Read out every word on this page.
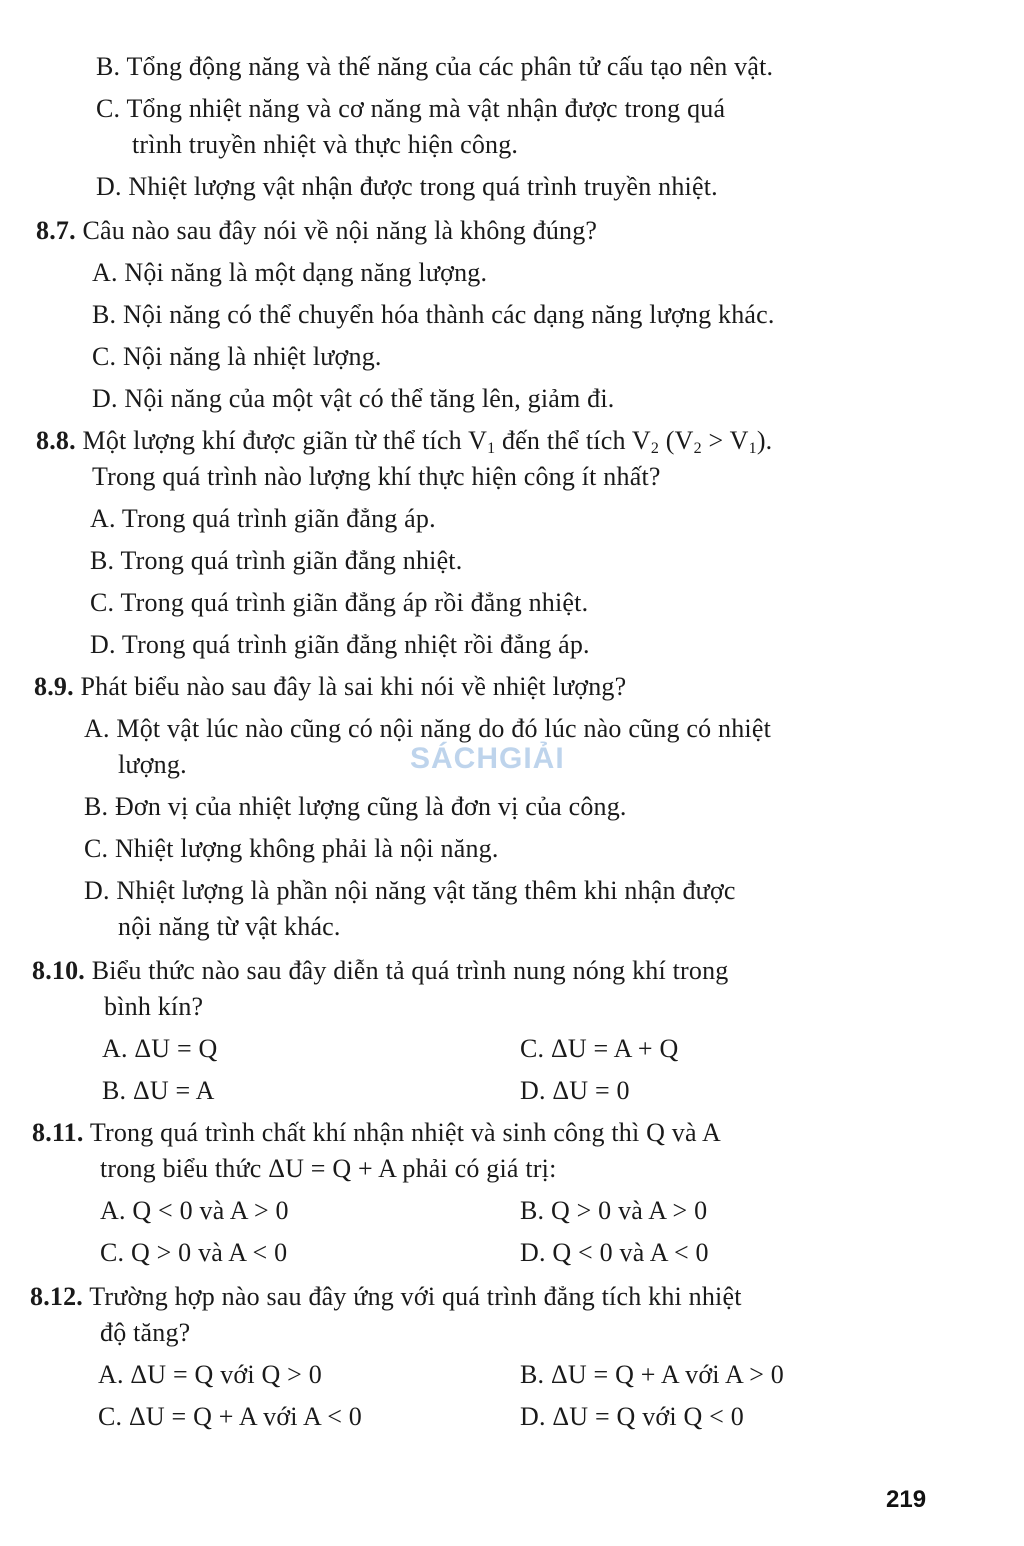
B. Tổng động năng và thế năng của các phân tử cấu tạo nên vật.
C. Tổng nhiệt năng và cơ năng mà vật nhận được trong quá
trình truyền nhiệt và thực hiện công.
D. Nhiệt lượng vật nhận được trong quá trình truyền nhiệt.
8.7. Câu nào sau đây nói về nội năng là không đúng?
A. Nội năng là một dạng năng lượng.
B. Nội năng có thể chuyển hóa thành các dạng năng lượng khác.
C. Nội năng là nhiệt lượng.
D. Nội năng của một vật có thể tăng lên, giảm đi.
8.8. Một lượng khí được giãn từ thể tích $V_1$ đến thể tích $V_2$ $(V_2 > V_1)$.
Trong quá trình nào lượng khí thực hiện công ít nhất?
A. Trong quá trình giãn đẳng áp.
B. Trong quá trình giãn đẳng nhiệt.
C. Trong quá trình giãn đẳng áp rồi đẳng nhiệt.
D. Trong quá trình giãn đẳng nhiệt rồi đẳng áp.
8.9. Phát biểu nào sau đây là sai khi nói về nhiệt lượng?
A. Một vật lúc nào cũng có nội năng do đó lúc nào cũng có nhiệt
lượng.
B. Đơn vị của nhiệt lượng cũng là đơn vị của công.
C. Nhiệt lượng không phải là nội năng.
D. Nhiệt lượng là phần nội năng vật tăng thêm khi nhận được
nội năng từ vật khác.
8.10. Biểu thức nào sau đây diễn tả quá trình nung nóng khí trong
bình kín?
A. ΔU = Q	C. ΔU = A + Q
B. ΔU = A	D. ΔU = 0
8.11. Trong quá trình chất khí nhận nhiệt và sinh công thì Q và A
trong biểu thức ΔU = Q + A phải có giá trị:
A. Q < 0 và A > 0	B. Q > 0 và A > 0
C. Q > 0 và A < 0	D. Q < 0 và A < 0
8.12. Trường hợp nào sau đây ứng với quá trình đẳng tích khi nhiệt
độ tăng?
A. ΔU = Q với Q > 0	B. ΔU = Q + A với A > 0
C. ΔU = Q + A với A < 0	D. ΔU = Q với Q < 0
SÁCHGIẢI
219
